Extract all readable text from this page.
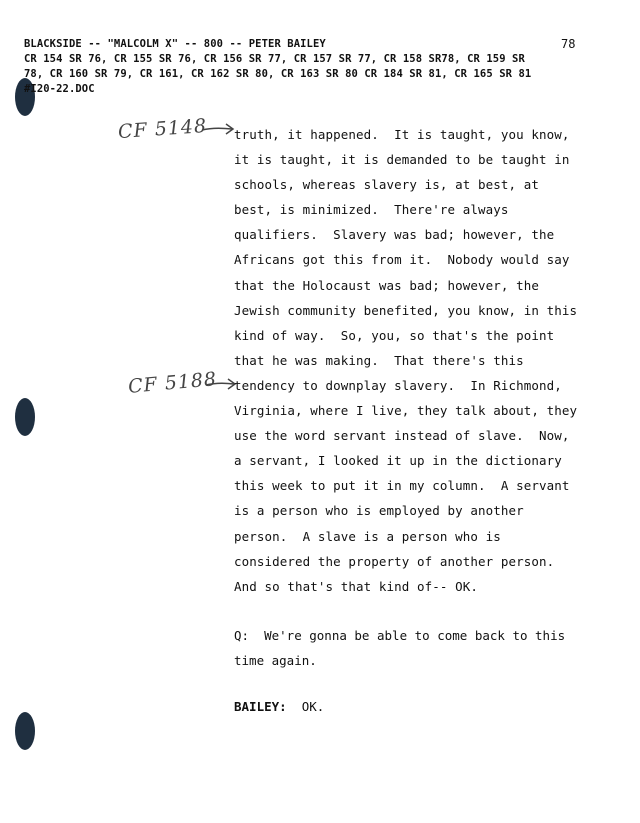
BLACKSIDE -- "MALCOLM X" -- 800 -- PETER BAILEY	78
CR 154 SR 76, CR 155 SR 76, CR 156 SR 77, CR 157 SR 77, CR 158 SR78, CR 159 SR
78, CR 160 SR 79, CR 161, CR 162 SR 80, CR 163 SR 80 CR 184 SR 81, CR 165 SR 81
#I20-22.DOC
CF 5148
CF 5188
truth, it happened.  It is taught, you know,
it is taught, it is demanded to be taught in
schools, whereas slavery is, at best, at
best, is minimized.  There're always
qualifiers.  Slavery was bad; however, the
Africans got this from it.  Nobody would say
that the Holocaust was bad; however, the
Jewish community benefited, you know, in this
kind of way.  So, you, so that's the point
that he was making.  That there's this
tendency to downplay slavery.  In Richmond,
Virginia, where I live, they talk about, they
use the word servant instead of slave.  Now,
a servant, I looked it up in the dictionary
this week to put it in my column.  A servant
is a person who is employed by another
person.  A slave is a person who is
considered the property of another person.
And so that's that kind of-- OK.
Q:  We're gonna be able to come back to this
time again.
BAILEY:  OK.
